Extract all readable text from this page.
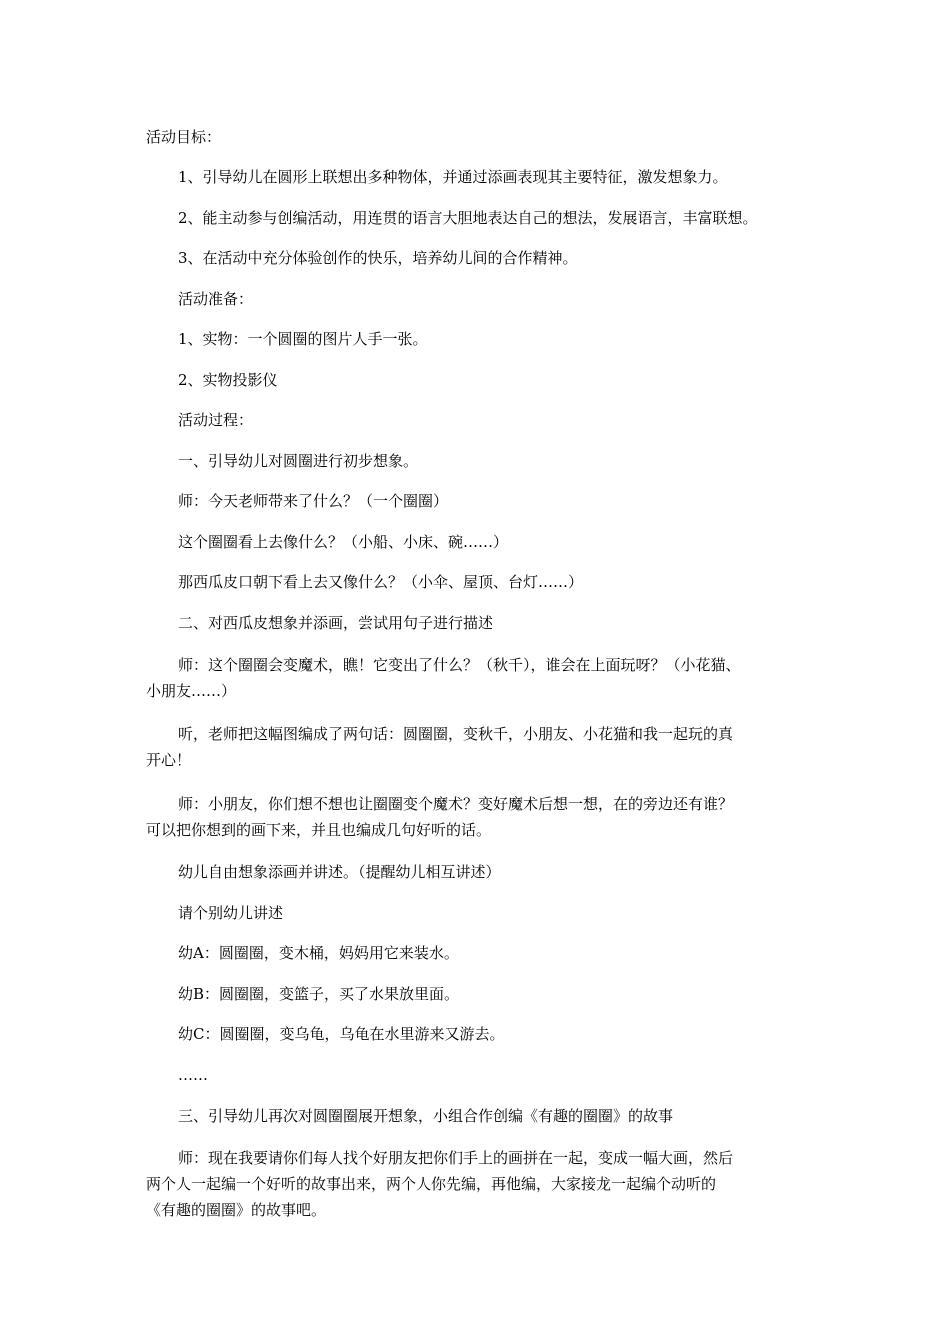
活动目标：
1、引导幼儿在圆形上联想出多种物体，并通过添画表现其主要特征，激发想象力。
2、能主动参与创编活动，用连贯的语言大胆地表达自己的想法，发展语言，丰富联想。
3、在活动中充分体验创作的快乐，培养幼儿间的合作精神。
活动准备：
1、实物：一个圆圈的图片人手一张。
2、实物投影仪
活动过程：
一、引导幼儿对圆圈进行初步想象。
师：今天老师带来了什么？（一个圈圈）
这个圈圈看上去像什么？（小船、小床、碗……）
那西瓜皮口朝下看上去又像什么？（小伞、屋顶、台灯……）
二、对西瓜皮想象并添画，尝试用句子进行描述
师：这个圈圈会变魔术，瞧！它变出了什么？（秋千），谁会在上面玩呀？（小花猫、
小朋友……）
听，老师把这幅图编成了两句话：圆圈圈，变秋千，小朋友、小花猫和我一起玩的真
开心！
师：小朋友，你们想不想也让圈圈变个魔术？变好魔术后想一想，在的旁边还有谁？
可以把你想到的画下来，并且也编成几句好听的话。
幼儿自由想象添画并讲述。（提醒幼儿相互讲述）
请个别幼儿讲述
幼A：圆圈圈，变木桶，妈妈用它来装水。
幼B：圆圈圈，变篮子，买了水果放里面。
幼C：圆圈圈，变乌龟，乌龟在水里游来又游去。
……
三、引导幼儿再次对圆圈圈展开想象，小组合作创编《有趣的圈圈》的故事
师：现在我要请你们每人找个好朋友把你们手上的画拼在一起，变成一幅大画，然后
两个人一起编一个好听的故事出来，两个人你先编，再他编，大家接龙一起编个动听的
《有趣的圈圈》的故事吧。
